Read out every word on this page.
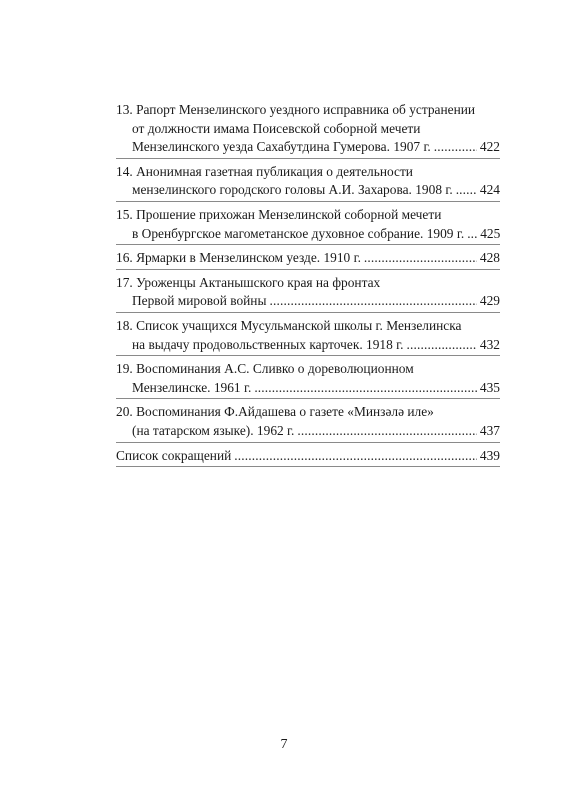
13. Рапорт Мензелинского уездного исправника об устранении
от должности имама Поисевской соборной мечети
Мензелинского уезда Сахабутдина Гумерова. 1907 г. . . .	422
14. Анонимная газетная публикация о деятельности
мензелинского городского головы А.И. Захарова. 1908 г. . . . 424
15. Прошение прихожан Мензелинской соборной мечети
в Оренбургское магометанское духовное собрание. 1909 г. . . . 425
16. Ярмарки в Мензелинском уезде. 1910 г. . . .	428
17. Уроженцы Актанышского края на фронтах
Первой мировой войны . . .	429
18. Список учащихся Мусульманской школы г. Мензелинска
на выдачу продовольственных карточек. 1918 г. . . .	432
19. Воспоминания А.С. Сливко о дореволюционном
Мензелинске. 1961 г. . . .	435
20. Воспоминания Ф.Айдашева о газете «Минзәлә иле»
(на татарском языке). 1962 г. . . .	437
Список сокращений . . .	439
7
